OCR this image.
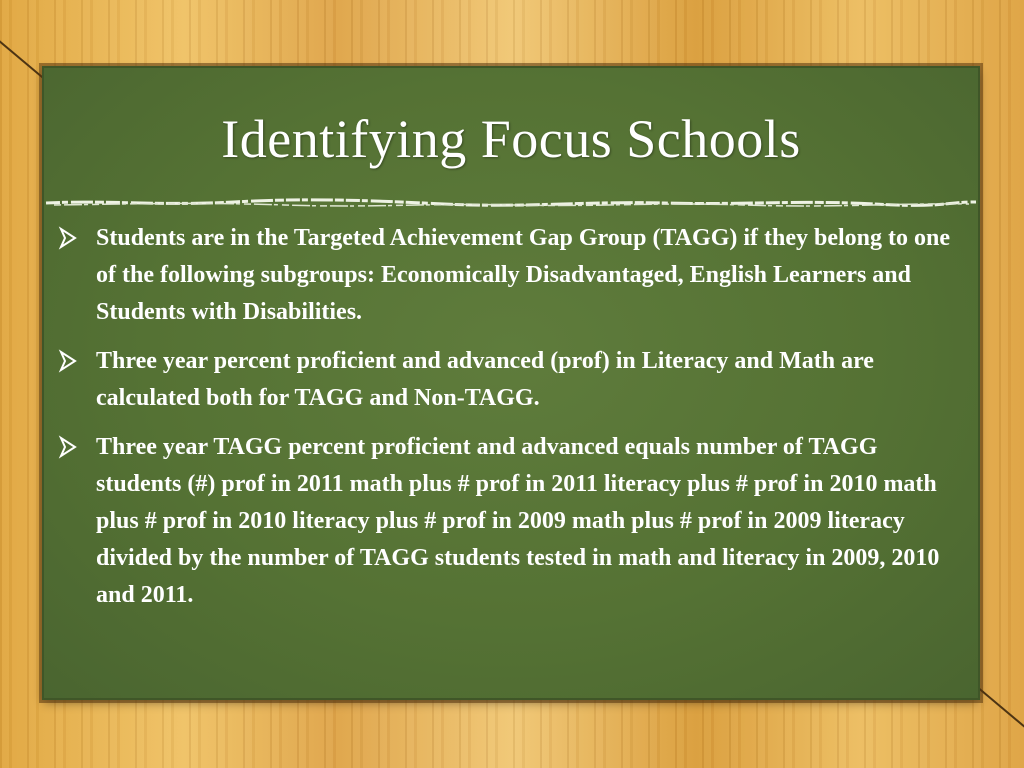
Identifying Focus Schools
Students are in the Targeted Achievement Gap Group (TAGG) if they belong to one of the following subgroups: Economically Disadvantaged, English Learners and Students with Disabilities.
Three year percent proficient and advanced (prof) in Literacy and Math are calculated both for TAGG and Non-TAGG.
Three year TAGG percent proficient and advanced equals number of TAGG students (#) prof in 2011 math plus # prof in 2011 literacy plus # prof in 2010 math plus # prof in 2010 literacy plus # prof in 2009 math plus # prof in 2009 literacy divided by the number of TAGG students tested in math and literacy in 2009, 2010 and 2011.
